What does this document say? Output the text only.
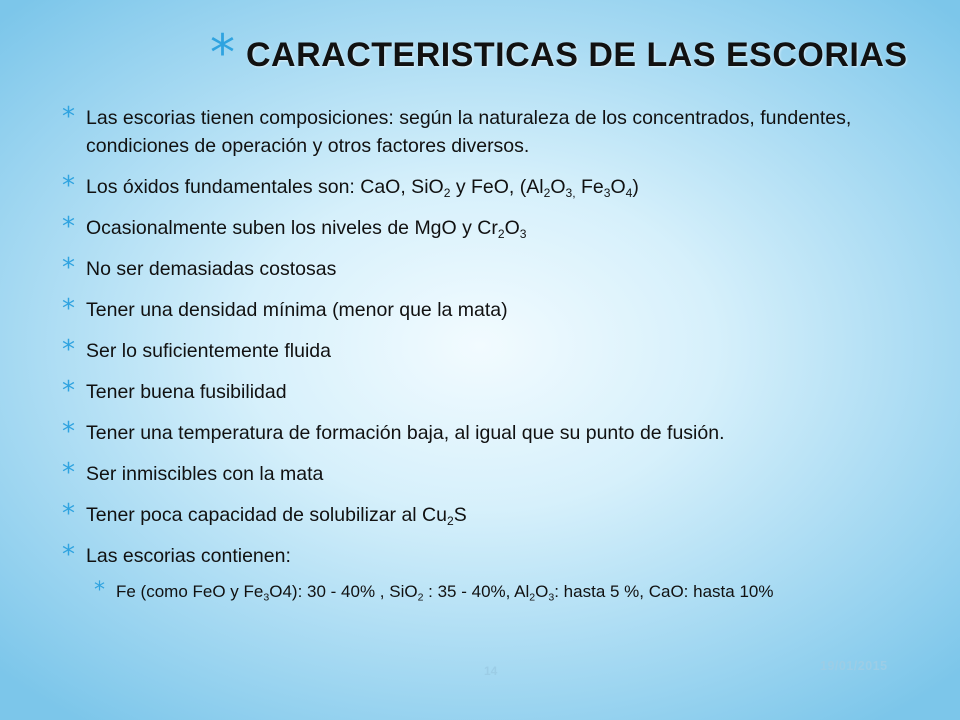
* CARACTERISTICAS DE LAS ESCORIAS
* Las escorias tienen composiciones: según la naturaleza de los concentrados, fundentes, condiciones de operación y otros factores diversos.
* Los óxidos fundamentales son: CaO, SiO$_2$ y FeO, ($Al_2O_{3,}$ $Fe_3O_4$)
* Ocasionalmente suben los niveles de MgO y $Cr_2O_3$
* No ser demasiadas costosas
* Tener una densidad mínima (menor que la mata)
* Ser lo suficientemente fluida
* Tener buena fusibilidad
* Tener una temperatura de formación baja, al igual que su punto de fusión.
* Ser inmiscibles con la mata
* Tener poca capacidad de solubilizar al $Cu_2S$
* Las escorias contienen:
* Fe (como FeO y $Fe_3O4$): 30 - 40% , SiO$_2$ : 35 - 40%, $Al_2O_3$: hasta 5 %, CaO: hasta 10%
14	19/01/2015
